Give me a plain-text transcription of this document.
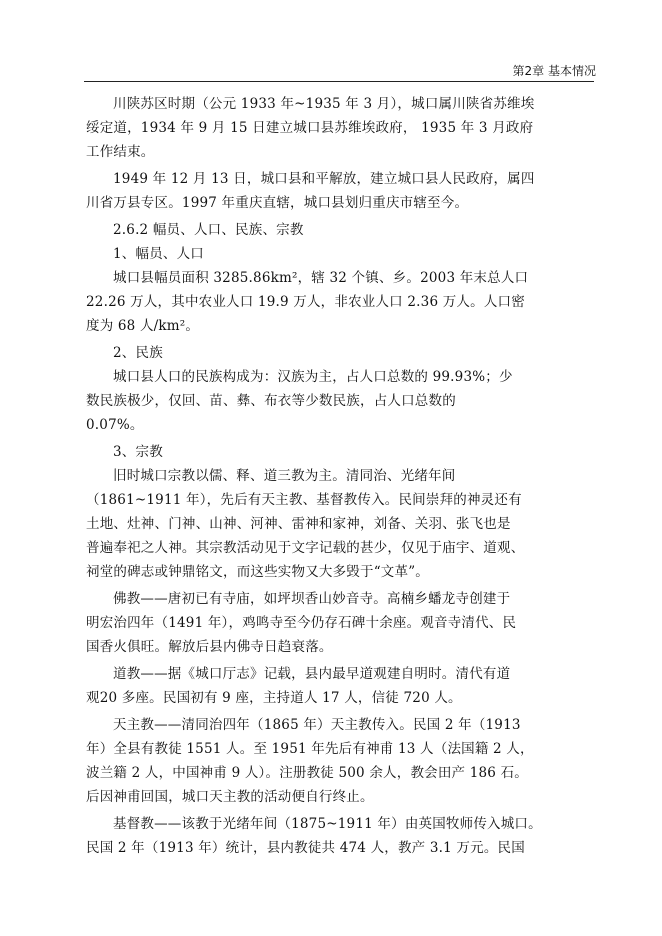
第2章 基本情况
川陕苏区时期（公元 1933 年~1935 年 3 月），城口属川陕省苏维埃
绥定道，1934 年 9 月 15 日建立城口县苏维埃政府， 1935 年 3 月政府
工作结束。
1949 年 12 月 13 日，城口县和平解放，建立城口县人民政府，属四
川省万县专区。1997 年重庆直辖，城口县划归重庆市辖至今。
2.6.2 幅员、人口、民族、宗教
1、幅员、人口
城口县幅员面积 3285.86km²，辖 32 个镇、乡。2003 年末总人口
22.26 万人，其中农业人口 19.9 万人，非农业人口 2.36 万人。人口密
度为 68 人/km²。
2、民族
城口县人口的民族构成为：汉族为主，占人口总数的 99.93%；少
数民族极少，仅回、苗、彝、布衣等少数民族，占人口总数的
0.07%。
3、宗教
旧时城口宗教以儒、释、道三教为主。清同治、光绪年间
（1861~1911 年），先后有天主教、基督教传入。民间崇拜的神灵还有
土地、灶神、门神、山神、河神、雷神和家神，刘备、关羽、张飞也是
普遍奉祀之人神。其宗教活动见于文字记载的甚少，仅见于庙宇、道观、
祠堂的碑志或钟鼎铭文，而这些实物又大多毁于“文革”。
佛教——唐初已有寺庙，如坪坝香山妙音寺。高楠乡蟠龙寺创建于
明宏治四年（1491 年），鸡鸣寺至今仍存石碑十余座。观音寺清代、民
国香火俱旺。解放后县内佛寺日趋衰落。
道教——据《城口厅志》记载，县内最早道观建自明时。清代有道
观20 多座。民国初有 9 座，主持道人 17 人，信徒 720 人。
天主教——清同治四年（1865 年）天主教传入。民国 2 年（1913
年）全县有教徒 1551 人。至 1951 年先后有神甫 13 人（法国籍 2 人，
波兰籍 2 人，中国神甫 9 人）。注册教徒 500 余人，教会田产 186 石。
后因神甫回国，城口天主教的活动便自行终止。
基督教——该教于光绪年间（1875~1911 年）由英国牧师传入城口。
民国 2 年（1913 年）统计，县内教徒共 474 人，教产 3.1 万元。民国
